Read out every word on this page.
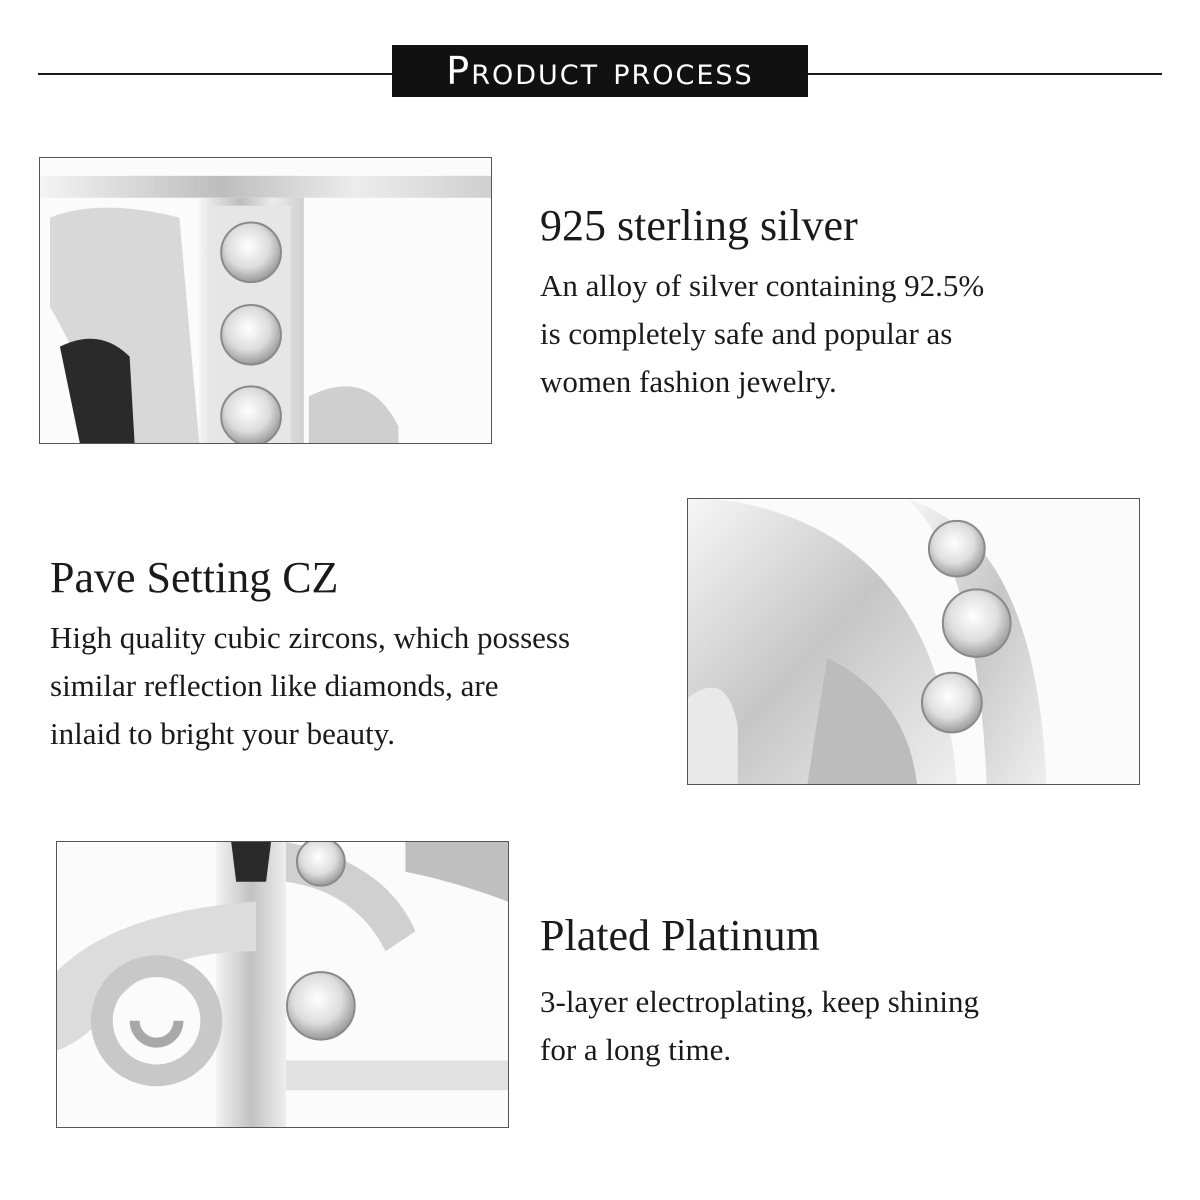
Product process
925 sterling silver
An alloy of silver containing 92.5%
is completely safe and popular as
women fashion jewelry.
Pave Setting CZ
High quality cubic zircons, which possess
similar reflection like diamonds, are
inlaid to bright your beauty.
Plated Platinum
3-layer electroplating, keep shining
for a long time.
